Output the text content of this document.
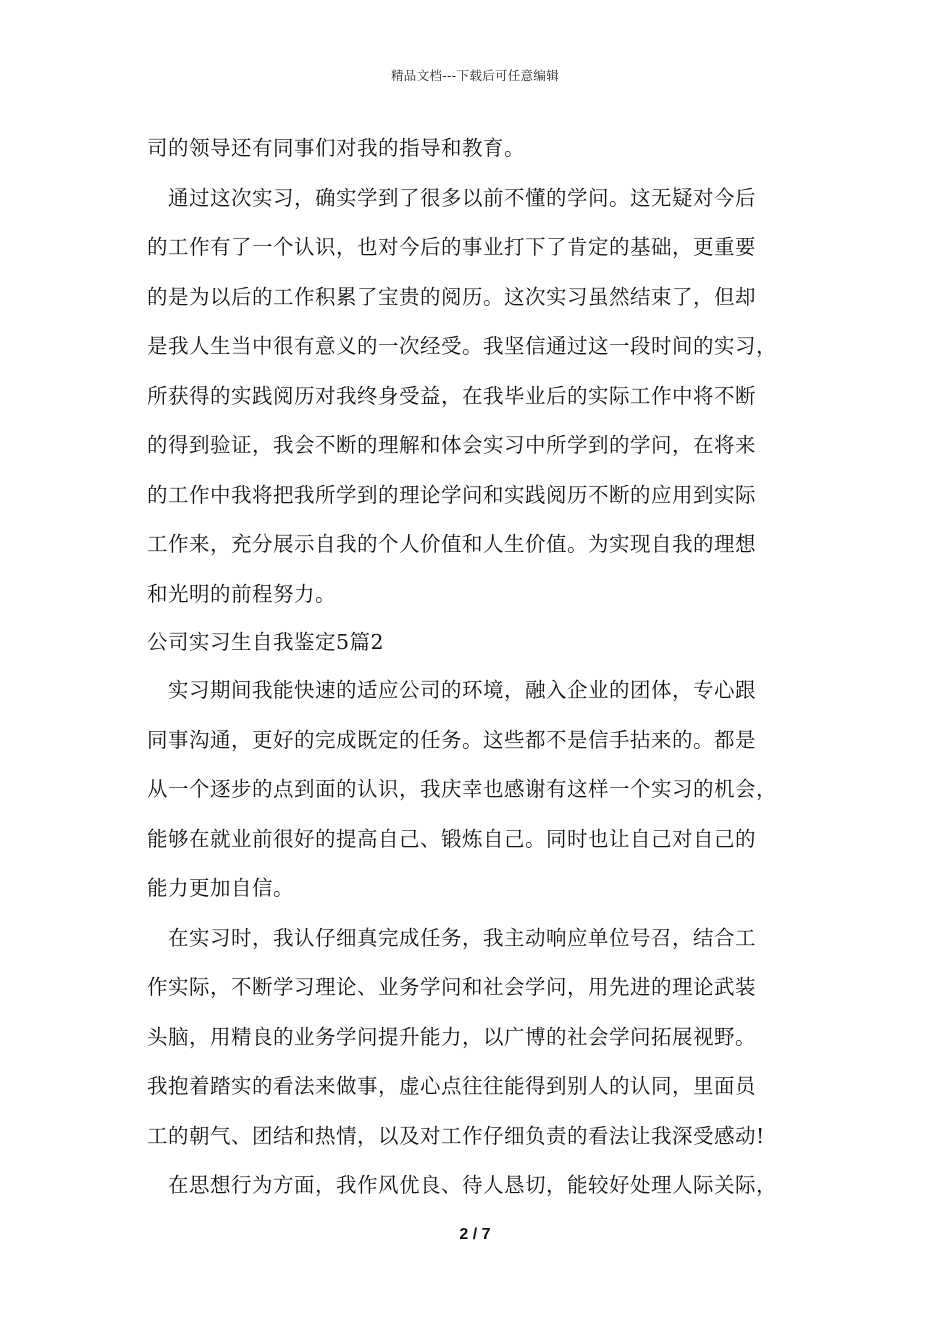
精品文档---下载后可任意编辑
司的领导还有同事们对我的指导和教育。
通过这次实习，确实学到了很多以前不懂的学问。这无疑对今后
的工作有了一个认识，也对今后的事业打下了肯定的基础，更重要
的是为以后的工作积累了宝贵的阅历。这次实习虽然结束了，但却
是我人生当中很有意义的一次经受。我坚信通过这一段时间的实习，
所获得的实践阅历对我终身受益，在我毕业后的实际工作中将不断
的得到验证，我会不断的理解和体会实习中所学到的学问，在将来
的工作中我将把我所学到的理论学问和实践阅历不断的应用到实际
工作来，充分展示自我的个人价值和人生价值。为实现自我的理想
和光明的前程努力。
公司实习生自我鉴定5篇2
实习期间我能快速的适应公司的环境，融入企业的团体，专心跟
同事沟通，更好的完成既定的任务。这些都不是信手拈来的。都是
从一个逐步的点到面的认识，我庆幸也感谢有这样一个实习的机会，
能够在就业前很好的提高自己、锻炼自己。同时也让自己对自己的
能力更加自信。
在实习时，我认仔细真完成任务，我主动响应单位号召，结合工
作实际，不断学习理论、业务学问和社会学问，用先进的理论武装
头脑，用精良的业务学问提升能力，以广博的社会学问拓展视野。
我抱着踏实的看法来做事，虚心点往往能得到别人的认同，里面员
工的朝气、团结和热情，以及对工作仔细负责的看法让我深受感动!
在思想行为方面，我作风优良、待人恳切，能较好处理人际关际，
2 / 7
